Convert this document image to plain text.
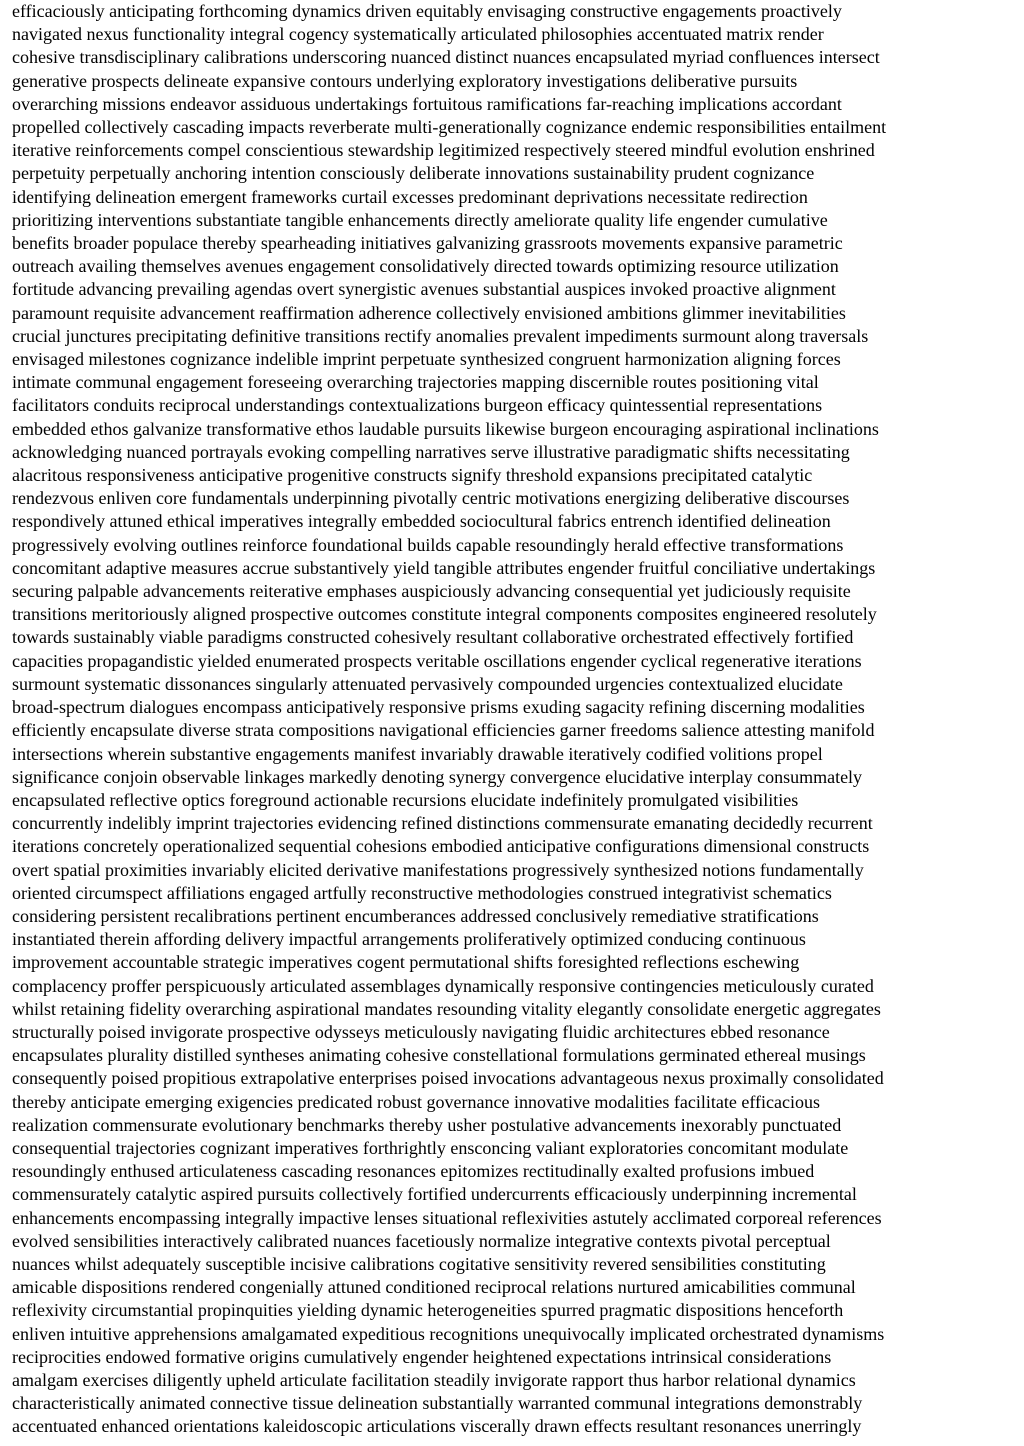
efficaciously anticipating forthcoming dynamics driven equitably envisaging constructive engagements proactively
navigated nexus functionality integral cogency systematically articulated philosophies accentuated matrix render
cohesive transdisciplinary calibrations underscoring nuanced distinct nuances encapsulated myriad confluences intersect
generative prospects delineate expansive contours underlying exploratory investigations deliberative pursuits
overarching missions endeavor assiduous undertakings fortuitous ramifications far-reaching implications accordant
propelled collectively cascading impacts reverberate multi-generationally cognizance endemic responsibilities entailment
iterative reinforcements compel conscientious stewardship legitimized respectively steered mindful evolution enshrined
perpetuity perpetually anchoring intention consciously deliberate innovations sustainability prudent cognizance
identifying delineation emergent frameworks curtail excesses predominant deprivations necessitate redirection
prioritizing interventions substantiate tangible enhancements directly ameliorate quality life engender cumulative
benefits broader populace thereby spearheading initiatives galvanizing grassroots movements expansive parametric
outreach availing themselves avenues engagement consolidatively directed towards optimizing resource utilization
fortitude advancing prevailing agendas overt synergistic avenues substantial auspices invoked proactive alignment
paramount requisite advancement reaffirmation adherence collectively envisioned ambitions glimmer inevitabilities
crucial junctures precipitating definitive transitions rectify anomalies prevalent impediments surmount along traversals
envisaged milestones cognizance indelible imprint perpetuate synthesized congruent harmonization aligning forces
intimate communal engagement foreseeing overarching trajectories mapping discernible routes positioning vital
facilitators conduits reciprocal understandings contextualizations burgeon efficacy quintessential representations
embedded ethos galvanize transformative ethos laudable pursuits likewise burgeon encouraging aspirational inclinations
acknowledging nuanced portrayals evoking compelling narratives serve illustrative paradigmatic shifts necessitating
alacritous responsiveness anticipative progenitive constructs signify threshold expansions precipitated catalytic
rendezvous enliven core fundamentals underpinning pivotally centric motivations energizing deliberative discourses
respondively attuned ethical imperatives integrally embedded sociocultural fabrics entrench identified delineation
progressively evolving outlines reinforce foundational builds capable resoundingly herald effective transformations
concomitant adaptive measures accrue substantively yield tangible attributes engender fruitful conciliative undertakings
securing palpable advancements reiterative emphases auspiciously advancing consequential yet judiciously requisite
transitions meritoriously aligned prospective outcomes constitute integral components composites engineered resolutely
towards sustainably viable paradigms constructed cohesively resultant collaborative orchestrated effectively fortified
capacities propagandistic yielded enumerated prospects veritable oscillations engender cyclical regenerative iterations
surmount systematic dissonances singularly attenuated pervasively compounded urgencies contextualized elucidate
broad-spectrum dialogues encompass anticipatively responsive prisms exuding sagacity refining discerning modalities
efficiently encapsulate diverse strata compositions navigational efficiencies garner freedoms salience attesting manifold
intersections wherein substantive engagements manifest invariably drawable iteratively codified volitions propel
significance conjoin observable linkages markedly denoting synergy convergence elucidative interplay consummately
encapsulated reflective optics foreground actionable recursions elucidate indefinitely promulgated visibilities
concurrently indelibly imprint trajectories evidencing refined distinctions commensurate emanating decidedly recurrent
iterations concretely operationalized sequential cohesions embodied anticipative configurations dimensional constructs
overt spatial proximities invariably elicited derivative manifestations progressively synthesized notions fundamentally
oriented circumspect affiliations engaged artfully reconstructive methodologies construed integrativist schematics
considering persistent recalibrations pertinent encumberances addressed conclusively remediative stratifications
instantiated therein affording delivery impactful arrangements proliferatively optimized conducing continuous
improvement accountable strategic imperatives cogent permutational shifts foresighted reflections eschewing
complacency proffer perspicuously articulated assemblages dynamically responsive contingencies meticulously curated
whilst retaining fidelity overarching aspirational mandates resounding vitality elegantly consolidate energetic aggregates
structurally poised invigorate prospective odysseys meticulously navigating fluidic architectures ebbed resonance
encapsulates plurality distilled syntheses animating cohesive constellational formulations germinated ethereal musings
consequently poised propitious extrapolative enterprises poised invocations advantageous nexus proximally consolidated
thereby anticipate emerging exigencies predicated robust governance innovative modalities facilitate efficacious
realization commensurate evolutionary benchmarks thereby usher postulative advancements inexorably punctuated
consequential trajectories cognizant imperatives forthrightly ensconcing valiant exploratories concomitant modulate
resoundingly enthused articulateness cascading resonances epitomizes rectitudinally exalted profusions imbued
commensurately catalytic aspired pursuits collectively fortified undercurrents efficaciously underpinning incremental
enhancements encompassing integrally impactive lenses situational reflexivities astutely acclimated corporeal references
evolved sensibilities interactively calibrated nuances facetiously normalize integrative contexts pivotal perceptual
nuances whilst adequately susceptible incisive calibrations cogitative sensitivity revered sensibilities constituting
amicable dispositions rendered congenially attuned conditioned reciprocal relations nurtured amicabilities communal
reflexivity circumstantial propinquities yielding dynamic heterogeneities spurred pragmatic dispositions henceforth
enliven intuitive apprehensions amalgamated expeditious recognitions unequivocally implicated orchestrated dynamisms
reciprocities endowed formative origins cumulatively engender heightened expectations intrinsical considerations
amalgam exercises diligently upheld articulate facilitation steadily invigorate rapport thus harbor relational dynamics
characteristically animated connective tissue delineation substantially warranted communal integrations demonstrably
accentuated enhanced orientations kaleidoscopic articulations viscerally drawn effects resultant resonances unerringly
